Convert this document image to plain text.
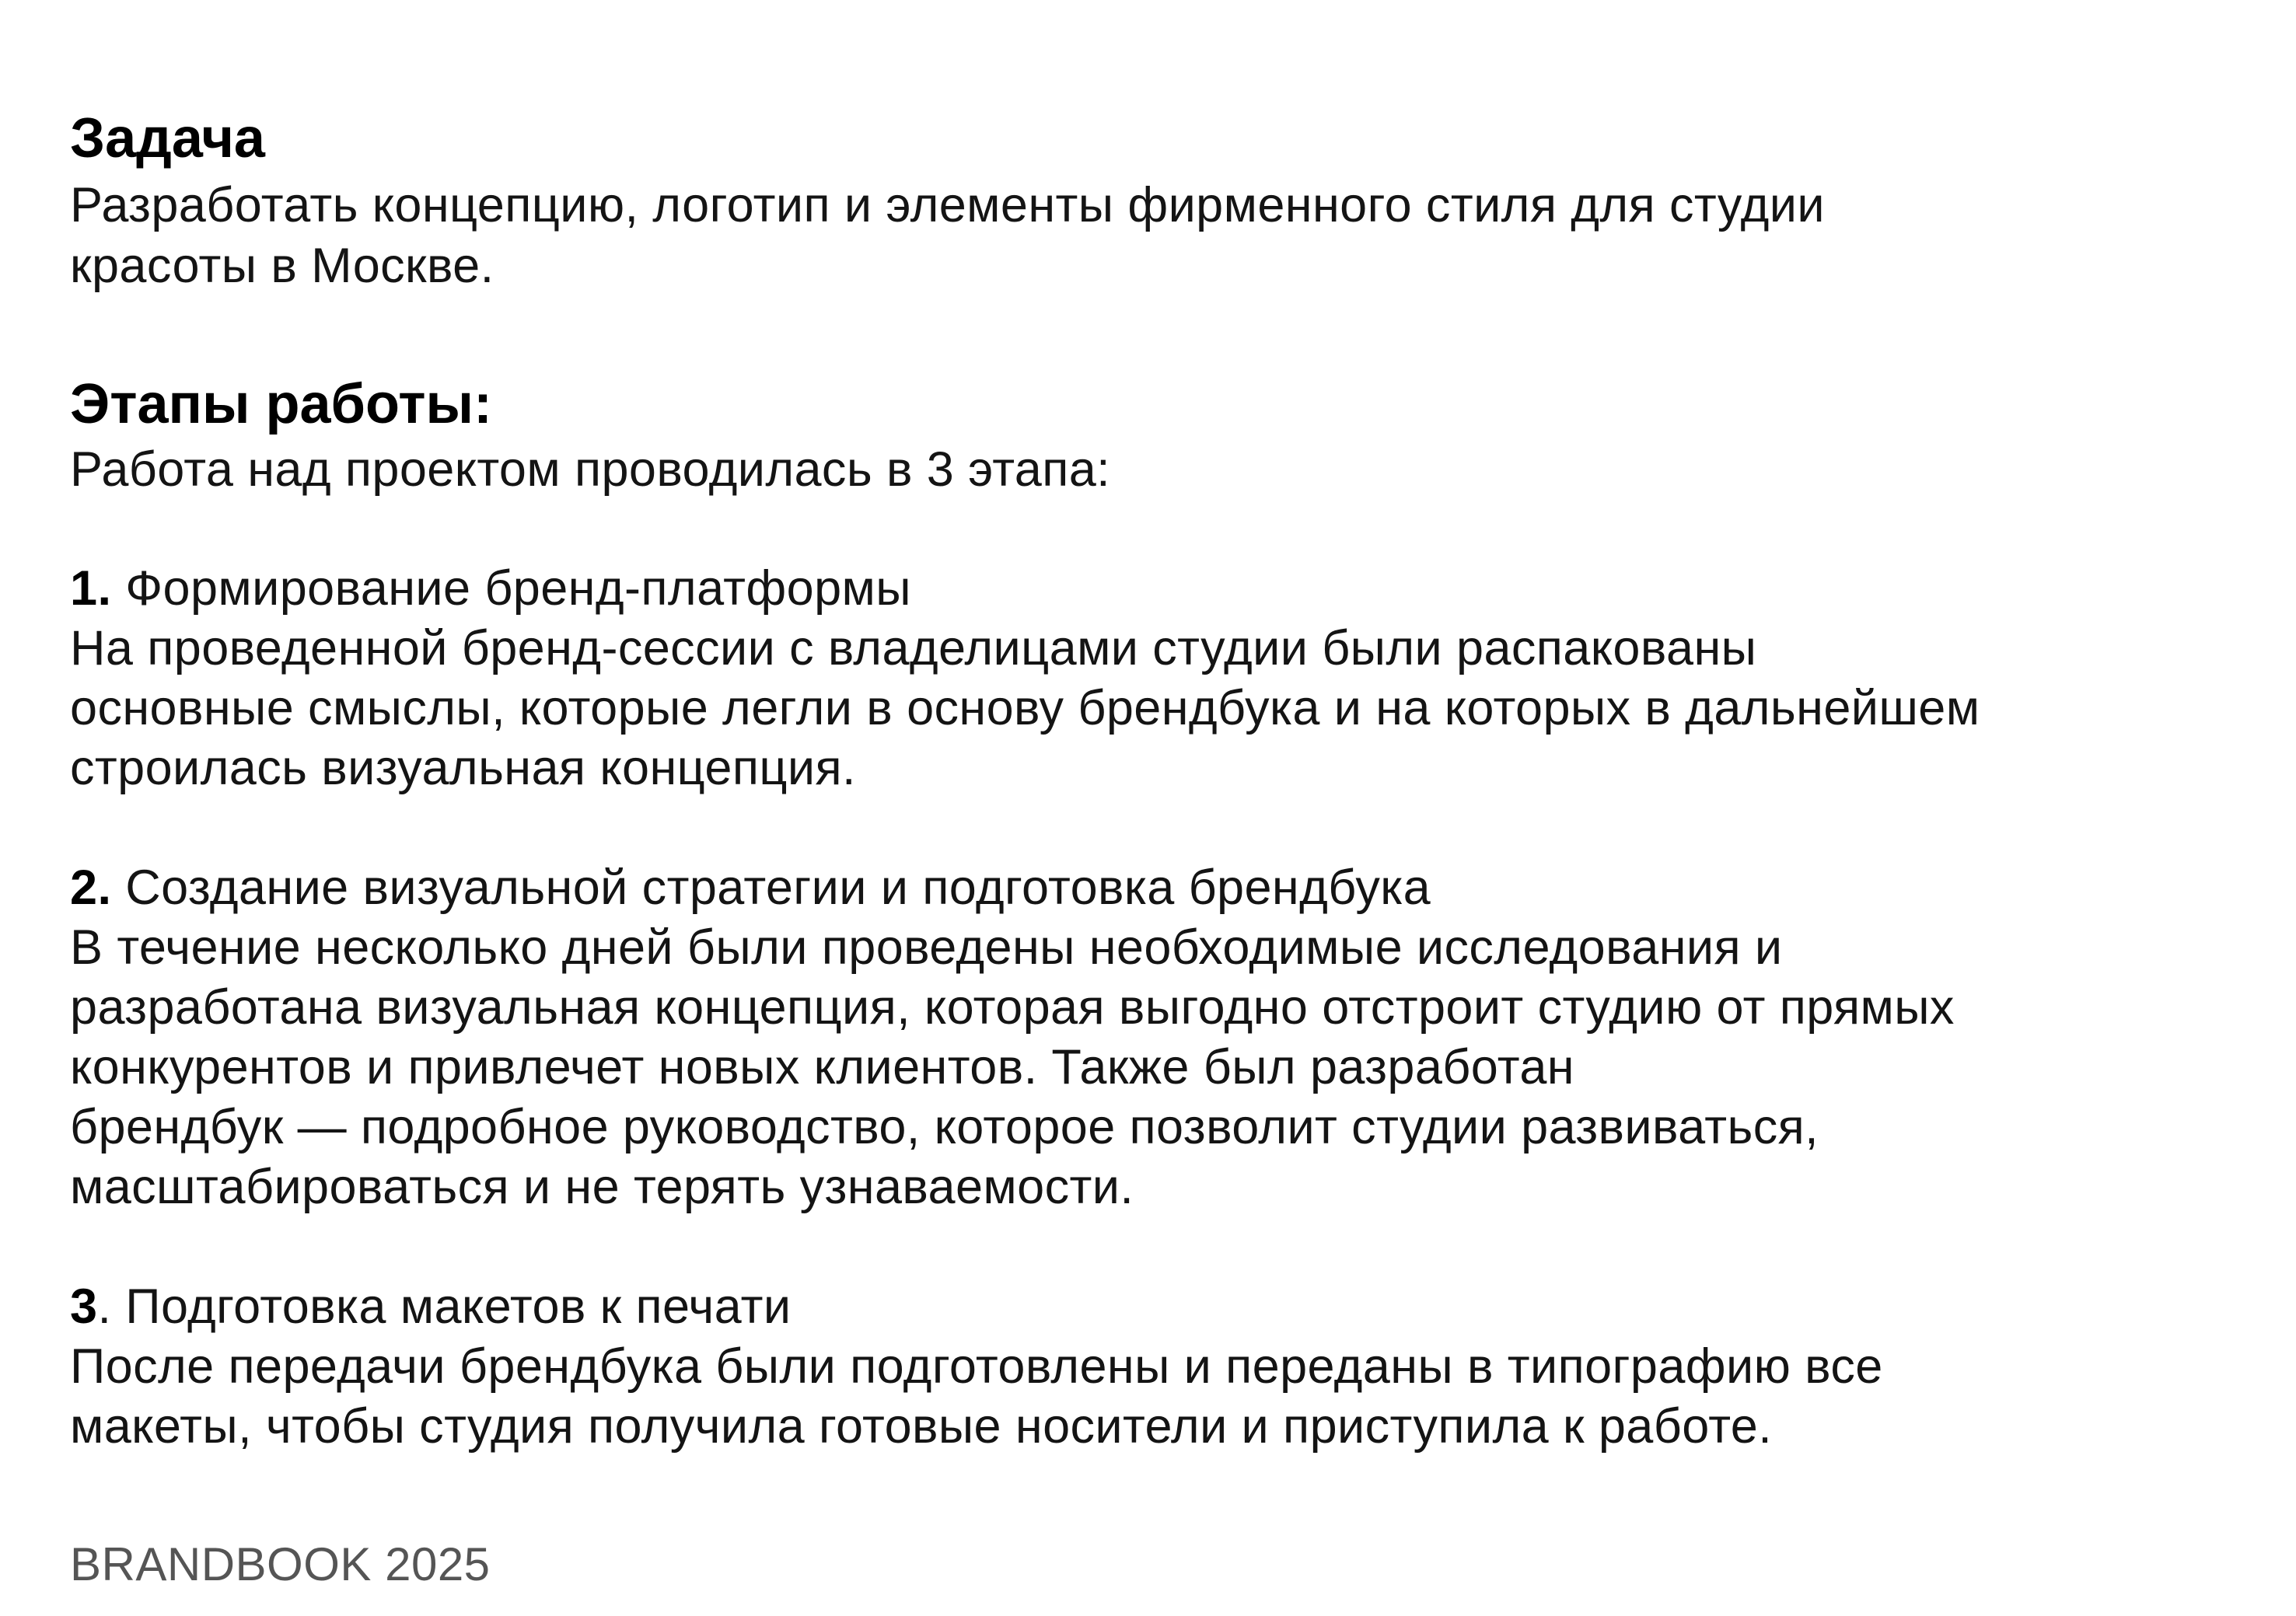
Задача
Разработать концепцию, логотип и элементы фирменного стиля для студии
красоты в Москве.
Этапы работы:
Работа над проектом проводилась в 3 этапа:
1. Формирование бренд-платформы
На проведенной бренд-сессии с владелицами студии были распакованы
основные смыслы, которые легли в основу брендбука и на которых в дальнейшем
строилась визуальная концепция.
2. Создание визуальной стратегии и подготовка брендбука
В течение несколько дней были проведены необходимые исследования и
разработана визуальная концепция, которая выгодно отстроит студию от прямых
конкурентов и привлечет новых клиентов. Также был разработан
брендбук — подробное руководство, которое позволит студии развиваться,
масштабироваться и не терять узнаваемости.
3. Подготовка макетов к печати
После передачи брендбука были подготовлены и переданы в типографию все
макеты, чтобы студия получила готовые носители и приступила к работе.
BRANDBOOK 2025
